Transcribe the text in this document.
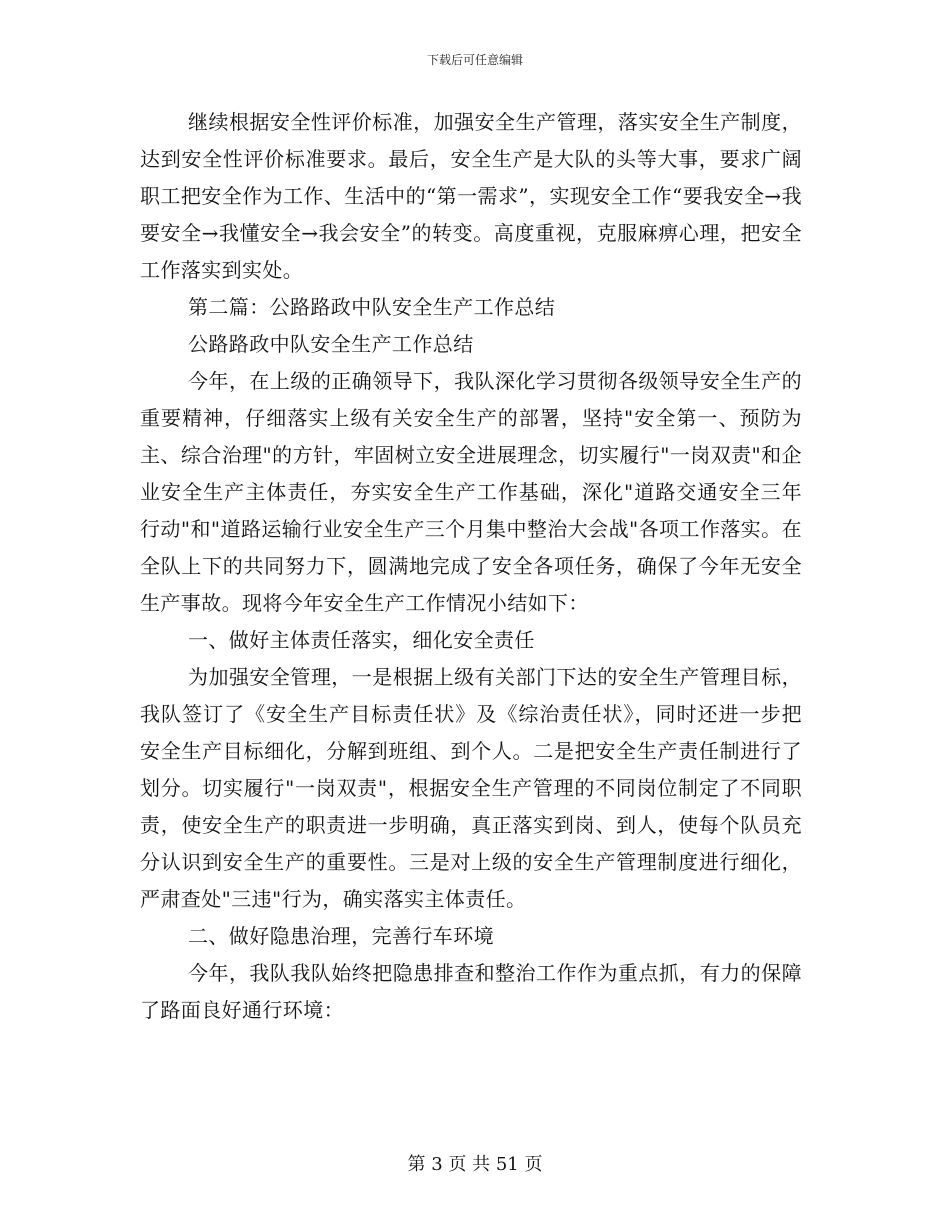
下载后可任意编辑

继续根据安全性评价标准，加强安全生产管理，落实安全生产制度，达到安全性评价标准要求。最后，安全生产是大队的头等大事，要求广阔职工把安全作为工作、生活中的“第一需求”，实现安全工作“要我安全→我要安全→我懂安全→我会安全”的转变。高度重视，克服麻痹心理，把安全工作落实到实处。

第二篇：公路路政中队安全生产工作总结

公路路政中队安全生产工作总结

今年，在上级的正确领导下，我队深化学习贯彻各级领导安全生产的重要精神，仔细落实上级有关安全生产的部署，坚持"安全第一、预防为主、综合治理"的方针，牢固树立安全进展理念，切实履行"一岗双责"和企业安全生产主体责任，夯实安全生产工作基础，深化"道路交通安全三年行动"和"道路运输行业安全生产三个月集中整治大会战"各项工作落实。在全队上下的共同努力下，圆满地完成了安全各项任务，确保了今年无安全生产事故。现将今年安全生产工作情况小结如下：

一、做好主体责任落实，细化安全责任

为加强安全管理，一是根据上级有关部门下达的安全生产管理目标，我队签订了《安全生产目标责任状》及《综治责任状》，同时还进一步把安全生产目标细化，分解到班组、到个人。二是把安全生产责任制进行了划分。切实履行"一岗双责"，根据安全生产管理的不同岗位制定了不同职责，使安全生产的职责进一步明确，真正落实到岗、到人，使每个队员充分认识到安全生产的重要性。三是对上级的安全生产管理制度进行细化，严肃查处"三违"行为，确实落实主体责任。

二、做好隐患治理，完善行车环境

今年，我队我队始终把隐患排查和整治工作作为重点抓，有力的保障了路面良好通行环境：

第 3 页 共 51 页
